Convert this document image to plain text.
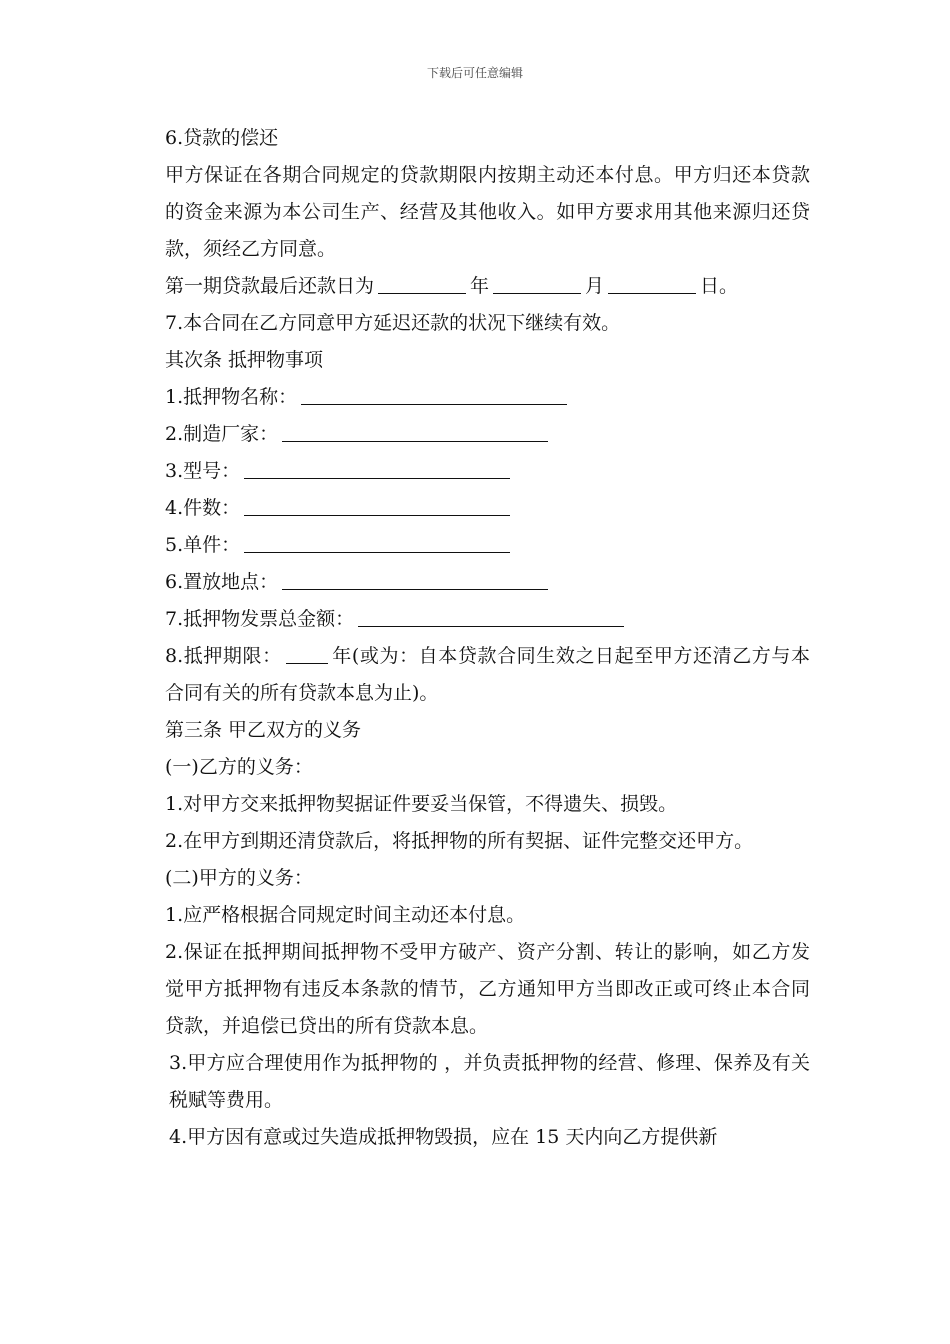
下载后可任意编辑

6.贷款的偿还

甲方保证在各期合同规定的贷款期限内按期主动还本付息。甲方归还本贷款的资金来源为本公司生产、经营及其他收入。如甲方要求用其他来源归还贷款，须经乙方同意。

第一期贷款最后还款日为	年	月	日。

7.本合同在乙方同意甲方延迟还款的状况下继续有效。

其次条 抵押物事项

1.抵押物名称：

2.制造厂家：

3.型号：

4.件数：

5.单件：

6.置放地点：

7.抵押物发票总金额：

8.抵押期限：	年(或为：自本贷款合同生效之日起至甲方还清乙方与本合同有关的所有贷款本息为止)。

第三条 甲乙双方的义务

(一)乙方的义务：

1.对甲方交来抵押物契据证件要妥当保管，不得遗失、损毁。

2.在甲方到期还清贷款后，将抵押物的所有契据、证件完整交还甲方。

(二)甲方的义务：

1.应严格根据合同规定时间主动还本付息。

2.保证在抵押期间抵押物不受甲方破产、资产分割、转让的影响，如乙方发觉甲方抵押物有违反本条款的情节，乙方通知甲方当即改正或可终止本合同贷款，并追偿已贷出的所有贷款本息。

3.甲方应合理使用作为抵押物的 ，并负责抵押物的经营、修理、保养及有关税赋等费用。

4.甲方因有意或过失造成抵押物毁损，应在 15 天内向乙方提供新
